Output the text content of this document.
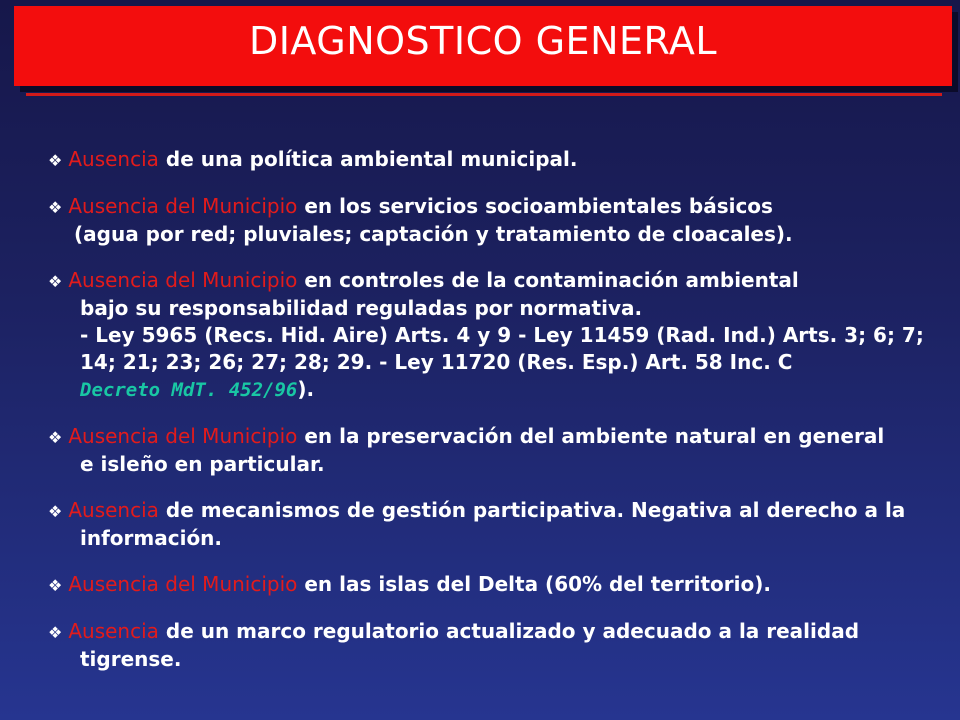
DIAGNOSTICO GENERAL
❖ Ausencia de una política ambiental municipal.
❖ Ausencia del Municipio en los servicios socioambientales básicos
(agua por red; pluviales; captación y tratamiento de cloacales).
❖ Ausencia del Municipio en controles de la contaminación ambiental
bajo su responsabilidad reguladas por normativa.
- Ley 5965 (Recs. Hid. Aire) Arts. 4 y 9 - Ley 11459 (Rad. Ind.) Arts. 3; 6; 7;
14; 21; 23; 26; 27; 28; 29. - Ley 11720 (Res. Esp.) Art. 58 Inc. C
Decreto MdT. 452/96).
❖ Ausencia del Municipio en la preservación del ambiente natural en general
e isleño en particular.
❖ Ausencia de mecanismos de gestión participativa. Negativa al derecho a la
información.
❖ Ausencia del Municipio en las islas del Delta (60% del territorio).
❖ Ausencia de un marco regulatorio actualizado y adecuado a la realidad
tigrense.
